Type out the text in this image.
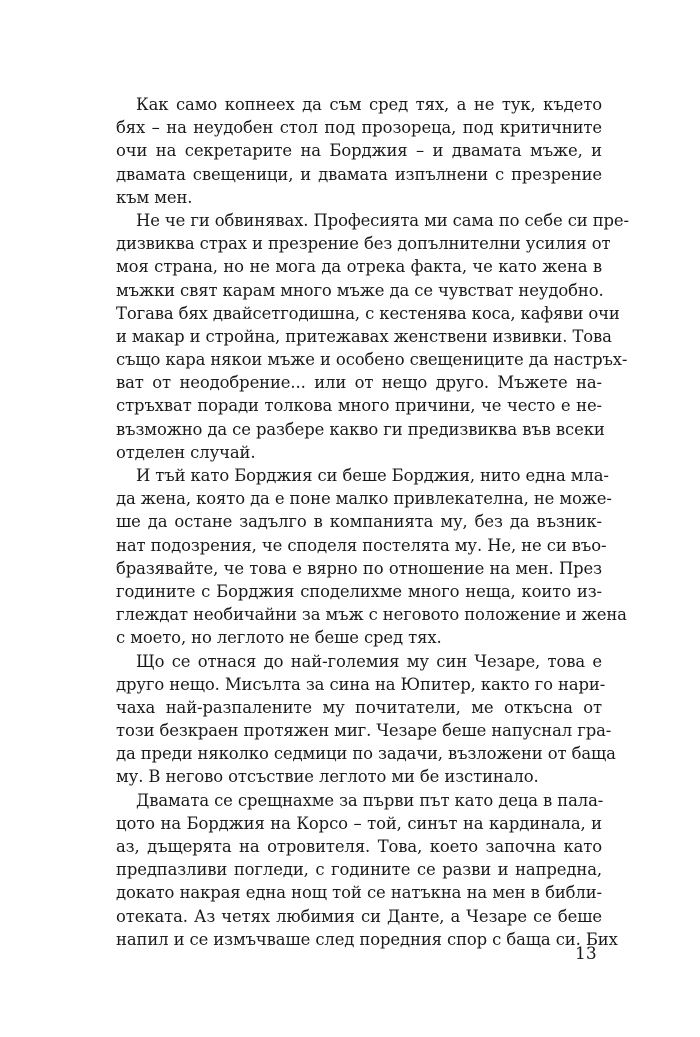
Как само копнеех да съм сред тях, а не тук, където
бях – на неудобен стол под прозореца, под критичните
очи на секретарите на Борджия – и двамата мъже, и
двамата свещеници, и двамата изпълнени с презрение
към мен.
Не че ги обвинявах. Професията ми сама по себе си пре-
дизвиква страх и презрение без допълнителни усилия от
моя страна, но не мога да отрека факта, че като жена в
мъжки свят карам много мъже да се чувстват неудобно.
Тогава бях двайсетгодишна, с кестенява коса, кафяви очи
и макар и стройна, притежавах женствени извивки. Това
също кара някои мъже и особено свещениците да настръх-
ват от неодобрение... или от нещо друго. Мъжете на-
стръхват поради толкова много причини, че често е не-
възможно да се разбере какво ги предизвиква във всеки
отделен случай.
И тъй като Борджия си беше Борджия, нито една мла-
да жена, която да е поне малко привлекателна, не може-
ше да остане задълго в компанията му, без да възник-
нат подозрения, че споделя постелята му. Не, не си въо-
бразявайте, че това е вярно по отношение на мен. През
годините с Борджия споделихме много неща, които из-
глеждат необичайни за мъж с неговото положение и жена
с моето, но леглото не беше сред тях.
Що се отнася до най-големия му син Чезаре, това е
друго нещо. Мисълта за сина на Юпитер, както го нари-
чаха най-разпалените му почитатели, ме откъсна от
този безкраен протяжен миг. Чезаре беше напуснал гра-
да преди няколко седмици по задачи, възложени от баща
му. В негово отсъствие леглото ми бе изстинало.
Двамата се срещнахме за първи път като деца в пала-
цото на Борджия на Корсо – той, синът на кардинала, и
аз, дъщерята на отровителя. Това, което започна като
предпазливи погледи, с годините се разви и напредна,
докато накрая една нощ той се натъкна на мен в библи-
отеката. Аз четях любимия си Данте, а Чезаре се беше
напил и се измъчваше след поредния спор с баща си. Бих
13
